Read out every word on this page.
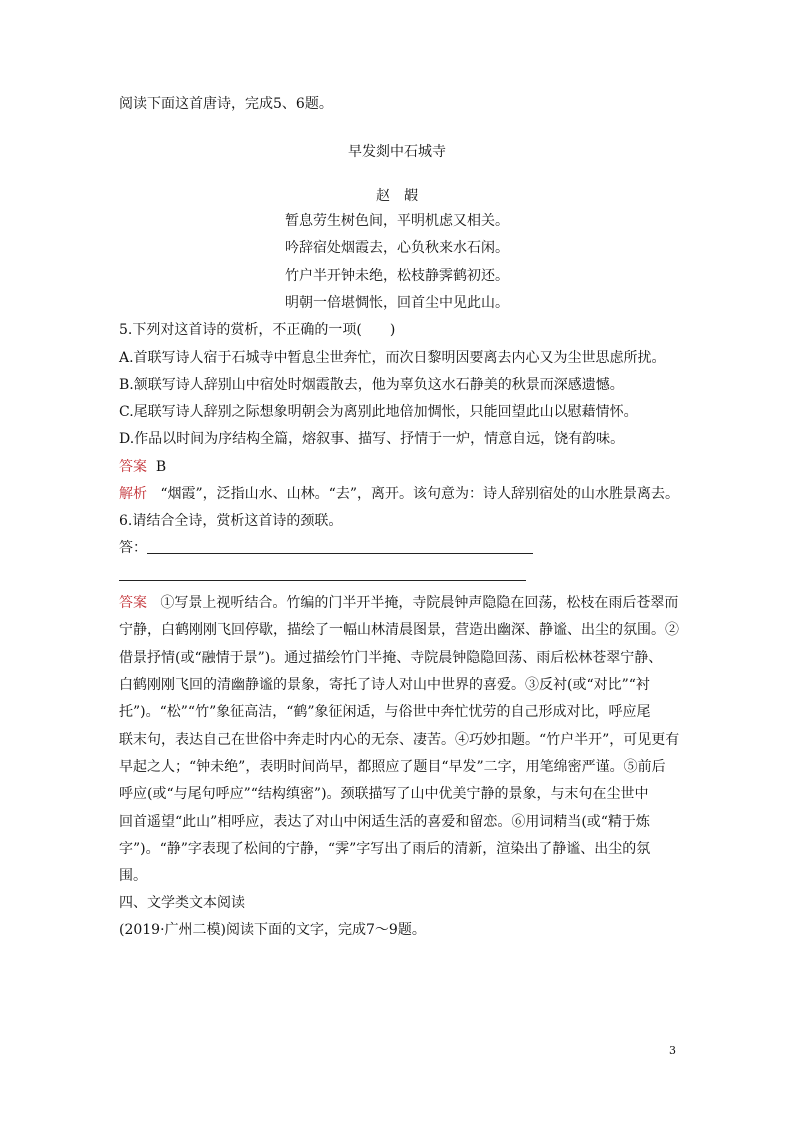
阅读下面这首唐诗，完成5、6题。
早发剡中石城寺
赵　嘏
暂息劳生树色间，平明机虑又相关。
吟辞宿处烟霞去，心负秋来水石闲。
竹户半开钟未绝，松枝静霁鹤初还。
明朝一倍堪惆怅，回首尘中见此山。
5.下列对这首诗的赏析，不正确的一项(　　)
A.首联写诗人宿于石城寺中暂息尘世奔忙，而次日黎明因要离去内心又为尘世思虑所扰。
B.颔联写诗人辞别山中宿处时烟霞散去，他为辜负这水石静美的秋景而深感遗憾。
C.尾联写诗人辞别之际想象明朝会为离别此地倍加惆怅，只能回望此山以慰藉情怀。
D.作品以时间为序结构全篇，熔叙事、描写、抒情于一炉，情意自远，饶有韵味。
答案 B
解析 “烟霞”，泛指山水、山林。“去”，离开。该句意为：诗人辞别宿处的山水胜景离去。
6.请结合全诗，赏析这首诗的颈联。
答：
答案 ①写景上视听结合。竹编的门半开半掩，寺院晨钟声隐隐在回荡，松枝在雨后苍翠而
宁静，白鹤刚刚飞回停歇，描绘了一幅山林清晨图景，营造出幽深、静谧、出尘的氛围。②
借景抒情(或“融情于景”)。通过描绘竹门半掩、寺院晨钟隐隐回荡、雨后松林苍翠宁静、
白鹤刚刚飞回的清幽静谧的景象，寄托了诗人对山中世界的喜爱。③反衬(或“对比”“衬
托”)。“松”“竹”象征高洁，“鹤”象征闲适，与俗世中奔忙忧劳的自己形成对比，呼应尾
联末句，表达自己在世俗中奔走时内心的无奈、凄苦。④巧妙扣题。“竹户半开”，可见更有
早起之人；“钟未绝”，表明时间尚早，都照应了题目“早发”二字，用笔绵密严谨。⑤前后
呼应(或“与尾句呼应”“结构缜密”)。颈联描写了山中优美宁静的景象，与末句在尘世中
回首遥望“此山”相呼应，表达了对山中闲适生活的喜爱和留恋。⑥用词精当(或“精于炼
字”)。“静”字表现了松间的宁静，“霁”字写出了雨后的清新，渲染出了静谧、出尘的氛
围。
四、文学类文本阅读
(2019·广州二模)阅读下面的文字，完成7～9题。
3
